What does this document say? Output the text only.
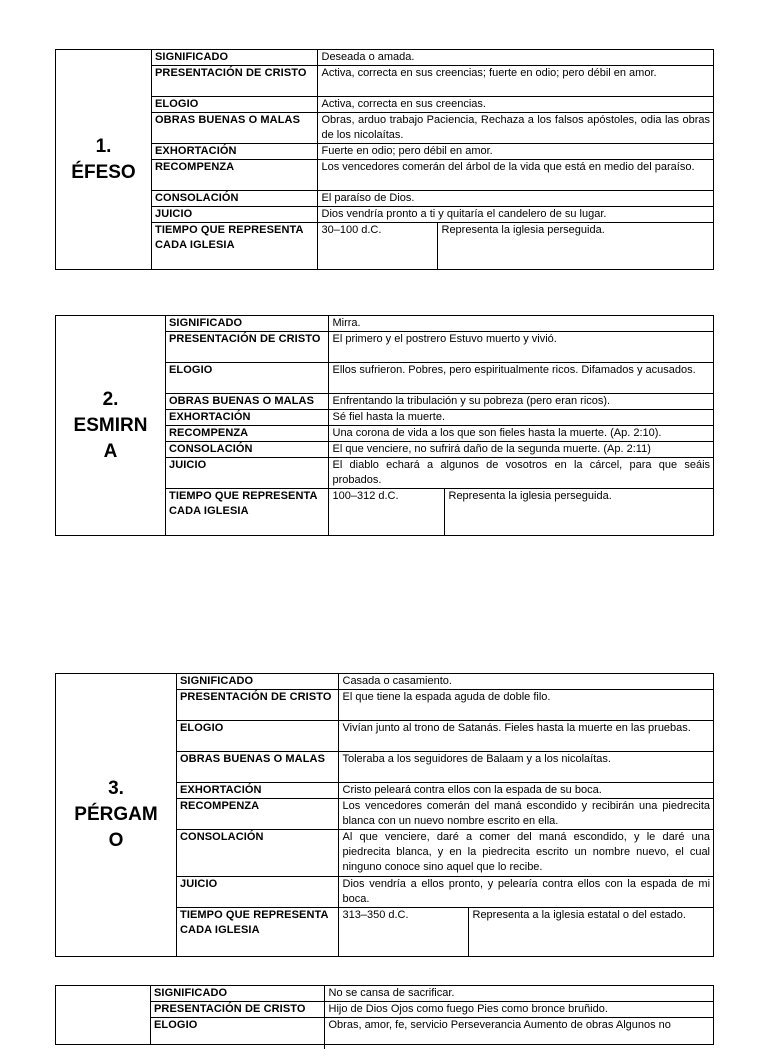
1.
ÉFESO
SIGNIFICADO	Deseada o amada.	
PRESENTACIÓN DE CRISTO	Activa, correcta en sus creencias; fuerte en odio; pero débil en amor.	
ELOGIO	Activa, correcta en sus creencias.	
OBRAS BUENAS O MALAS	Obras, arduo trabajo Paciencia, Rechaza a los falsos apóstoles, odia las obras de los nicolaítas.	
EXHORTACIÓN	Fuerte en odio; pero débil en amor.	
RECOMPENZA	Los vencedores comerán del árbol de la vida que está en medio del paraíso.	
CONSOLACIÓN	El paraíso de Dios.	
JUICIO	Dios vendría pronto a ti y quitaría el candelero de su lugar.	
TIEMPO QUE REPRESENTA CADA IGLESIA	30–100 d.C.	Representa la iglesia perseguida.
2.
ESMIRN
A
SIGNIFICADO	Mirra.	
PRESENTACIÓN DE CRISTO	El primero y el postrero Estuvo muerto y vivió.	
ELOGIO	Ellos sufrieron. Pobres, pero espiritualmente ricos. Difamados y acusados.	
OBRAS BUENAS O MALAS	Enfrentando la tribulación y su pobreza (pero eran ricos).	
EXHORTACIÓN	Sé fiel hasta la muerte.	
RECOMPENZA	Una corona de vida a los que son fieles hasta la muerte. (Ap. 2:10).	
CONSOLACIÓN	El que venciere, no sufrirá daño de la segunda muerte. (Ap. 2:11)	
JUICIO	El diablo echará a algunos de vosotros en la cárcel, para que seáis probados.	
TIEMPO QUE REPRESENTA CADA IGLESIA	100–312 d.C.	Representa la iglesia perseguida.
3.
PÉRGAM
O
SIGNIFICADO	Casada o casamiento.	
PRESENTACIÓN DE CRISTO	El que tiene la espada aguda de doble filo.	
ELOGIO	Vivían junto al trono de Satanás. Fieles hasta la muerte en las pruebas.	
OBRAS BUENAS O MALAS	Toleraba a los seguidores de Balaam y a los nicolaítas.	
EXHORTACIÓN	Cristo peleará contra ellos con la espada de su boca.	
RECOMPENZA	Los vencedores comerán del maná escondido y recibirán una piedrecita blanca con un nuevo nombre escrito en ella.	
CONSOLACIÓN	Al que venciere, daré a comer del maná escondido, y le daré una piedrecita blanca, y en la piedrecita escrito un nombre nuevo, el cual ninguno conoce sino aquel que lo recibe.	
JUICIO	Dios vendría a ellos pronto, y pelearía contra ellos con la espada de mi boca.	
TIEMPO QUE REPRESENTA CADA IGLESIA	313–350 d.C.	Representa a la iglesia estatal o del estado.
SIGNIFICADO	No se cansa de sacrificar.
PRESENTACIÓN DE CRISTO	Hijo de Dios Ojos como fuego Pies como bronce bruñido.
ELOGIO	Obras, amor, fe, servicio Perseverancia Aumento de obras Algunos no
